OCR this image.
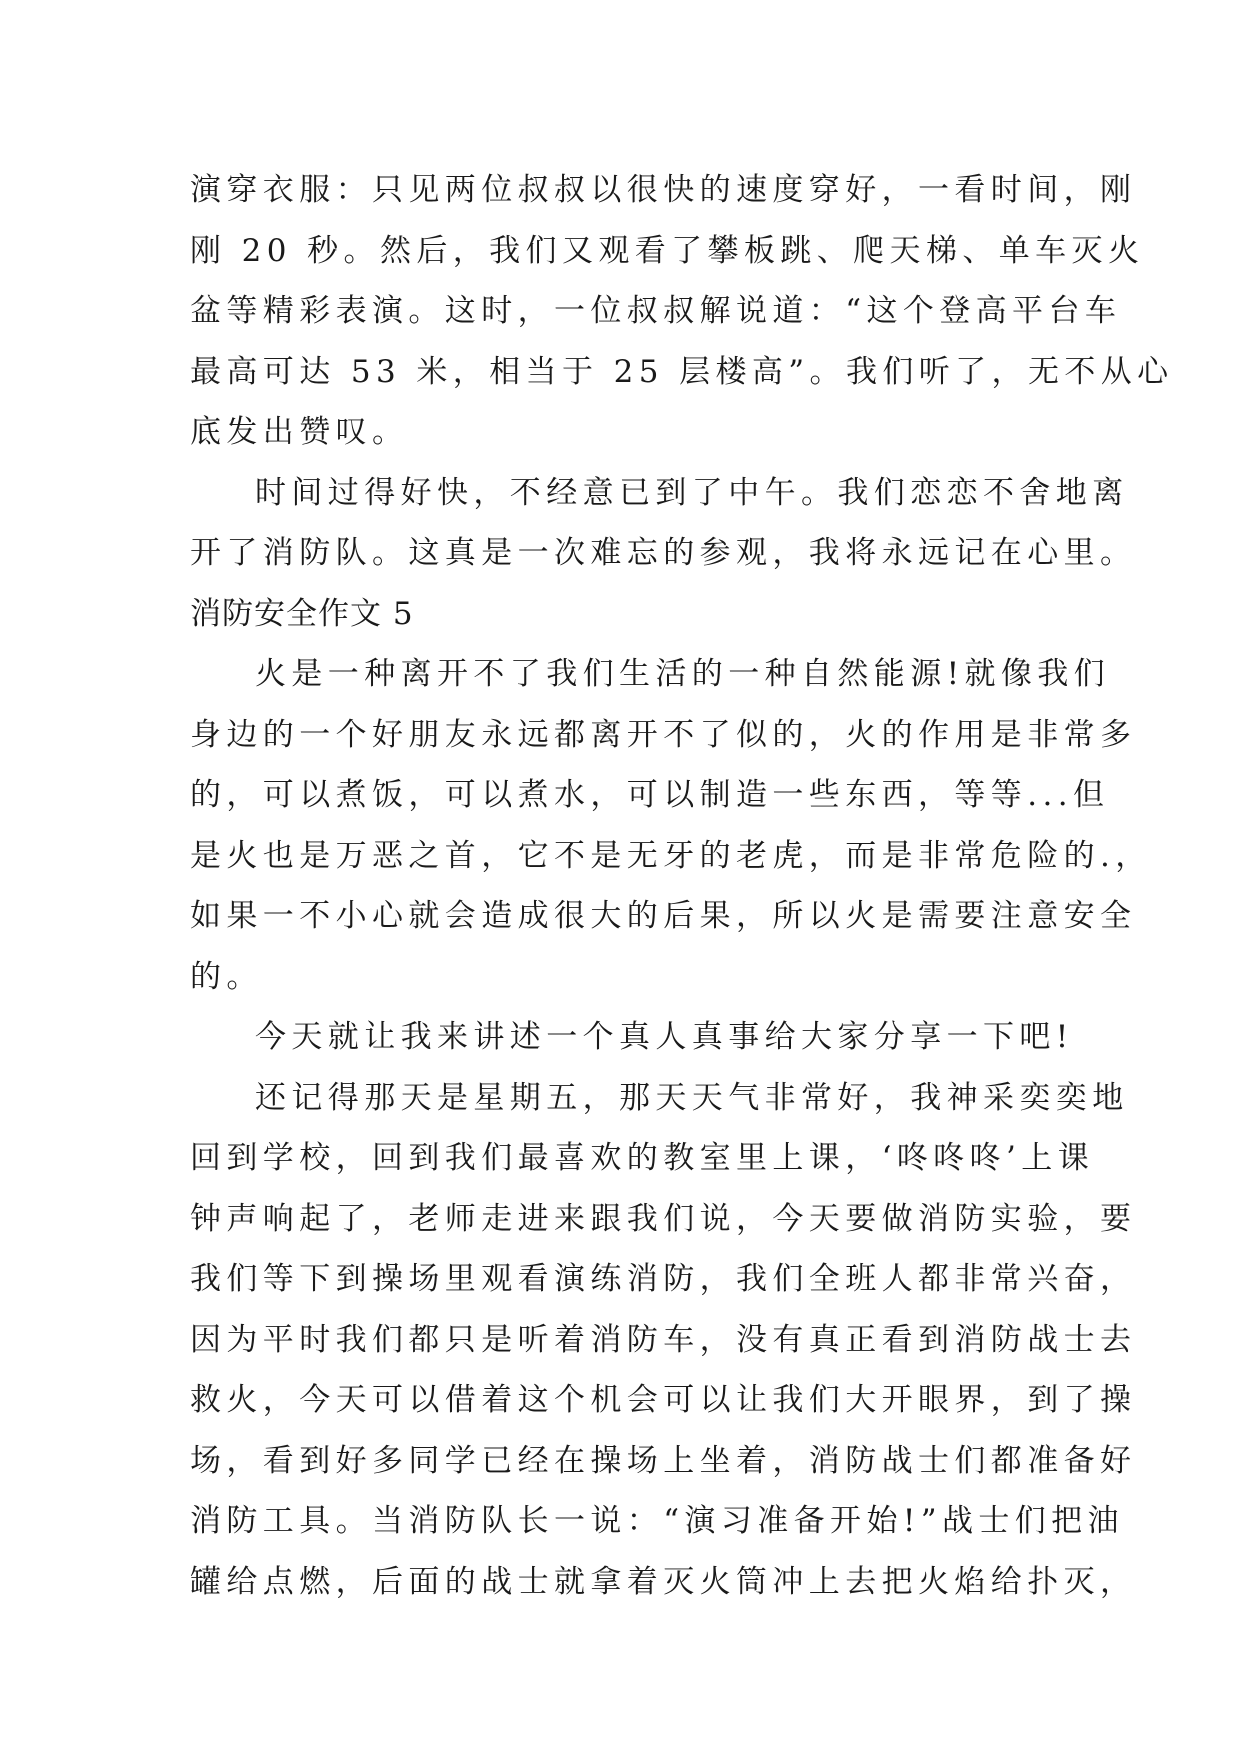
演穿衣服：只见两位叔叔以很快的速度穿好，一看时间，刚
刚 20 秒。然后，我们又观看了攀板跳、爬天梯、单车灭火
盆等精彩表演。这时，一位叔叔解说道：“这个登高平台车
最高可达 53 米，相当于 25 层楼高”。我们听了，无不从心
底发出赞叹。
时间过得好快，不经意已到了中午。我们恋恋不舍地离
开了消防队。这真是一次难忘的参观，我将永远记在心里。
消防安全作文 5
火是一种离开不了我们生活的一种自然能源!就像我们
身边的一个好朋友永远都离开不了似的，火的作用是非常多
的，可以煮饭，可以煮水，可以制造一些东西，等等...但
是火也是万恶之首，它不是无牙的老虎，而是非常危险的.，
如果一不小心就会造成很大的后果，所以火是需要注意安全
的。
今天就让我来讲述一个真人真事给大家分享一下吧!
还记得那天是星期五，那天天气非常好，我神采奕奕地
回到学校，回到我们最喜欢的教室里上课，‘咚咚咚’上课
钟声响起了，老师走进来跟我们说，今天要做消防实验，要
我们等下到操场里观看演练消防，我们全班人都非常兴奋，
因为平时我们都只是听着消防车，没有真正看到消防战士去
救火，今天可以借着这个机会可以让我们大开眼界，到了操
场，看到好多同学已经在操场上坐着，消防战士们都准备好
消防工具。当消防队长一说：“演习准备开始!”战士们把油
罐给点燃，后面的战士就拿着灭火筒冲上去把火焰给扑灭，
